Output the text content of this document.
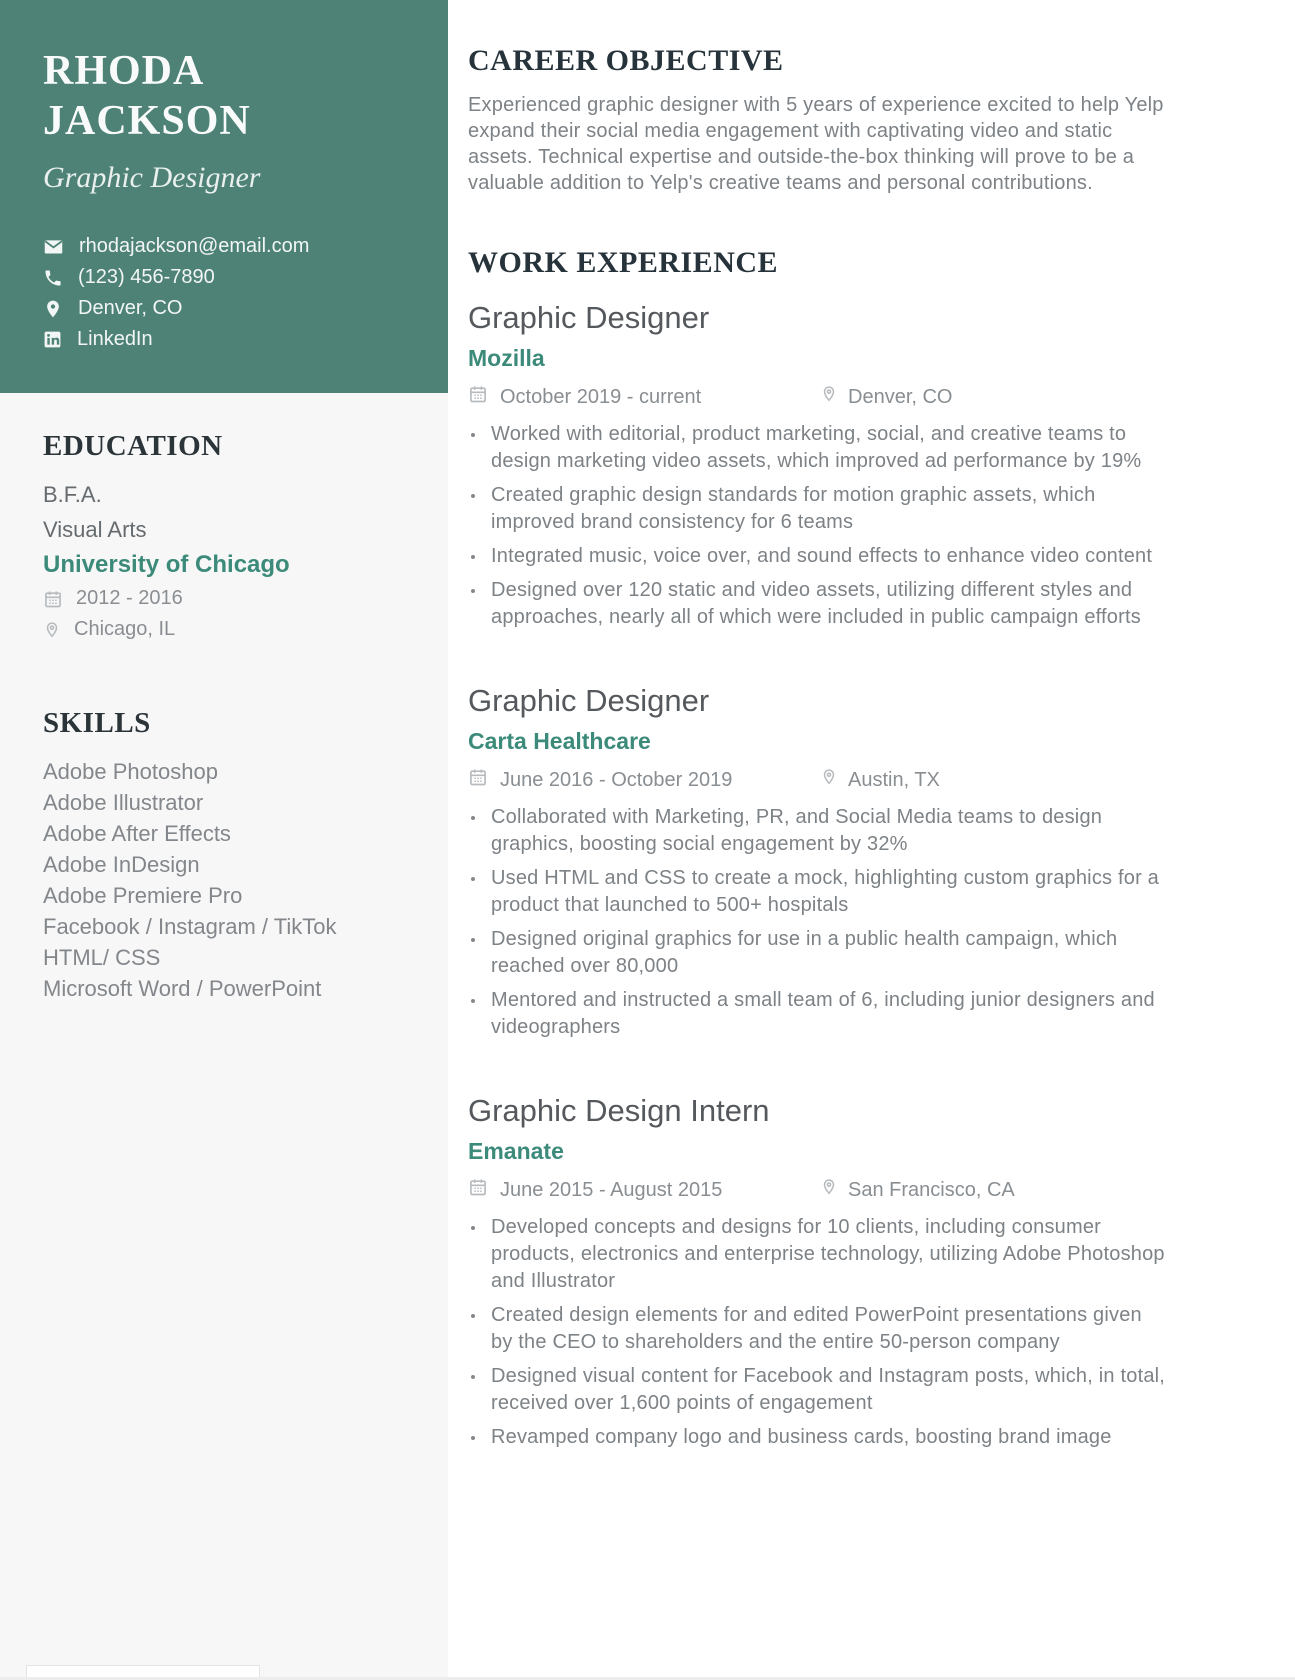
RHODA
JACKSON
Graphic Designer
rhodajackson@email.com
(123) 456-7890
Denver, CO
LinkedIn
EDUCATION
B.F.A.
Visual Arts
University of Chicago
2012 - 2016
Chicago, IL
SKILLS
Adobe Photoshop
Adobe Illustrator
Adobe After Effects
Adobe InDesign
Adobe Premiere Pro
Facebook / Instagram / TikTok
HTML/ CSS
Microsoft Word / PowerPoint
CAREER OBJECTIVE
Experienced graphic designer with 5 years of experience excited to help Yelp expand their social media engagement with captivating video and static assets. Technical expertise and outside-the-box thinking will prove to be a valuable addition to Yelp's creative teams and personal contributions.
WORK EXPERIENCE
Graphic Designer
Mozilla
October 2019 - current	Denver, CO
Worked with editorial, product marketing, social, and creative teams to design marketing video assets, which improved ad performance by 19%
Created graphic design standards for motion graphic assets, which improved brand consistency for 6 teams
Integrated music, voice over, and sound effects to enhance video content
Designed over 120 static and video assets, utilizing different styles and approaches, nearly all of which were included in public campaign efforts
Graphic Designer
Carta Healthcare
June 2016 - October 2019	Austin, TX
Collaborated with Marketing, PR, and Social Media teams to design graphics, boosting social engagement by 32%
Used HTML and CSS to create a mock, highlighting custom graphics for a product that launched to 500+ hospitals
Designed original graphics for use in a public health campaign, which reached over 80,000
Mentored and instructed a small team of 6, including junior designers and videographers
Graphic Design Intern
Emanate
June 2015 - August 2015	San Francisco, CA
Developed concepts and designs for 10 clients, including consumer products, electronics and enterprise technology, utilizing Adobe Photoshop and Illustrator
Created design elements for and edited PowerPoint presentations given by the CEO to shareholders and the entire 50-person company
Designed visual content for Facebook and Instagram posts, which, in total, received over 1,600 points of engagement
Revamped company logo and business cards, boosting brand image
